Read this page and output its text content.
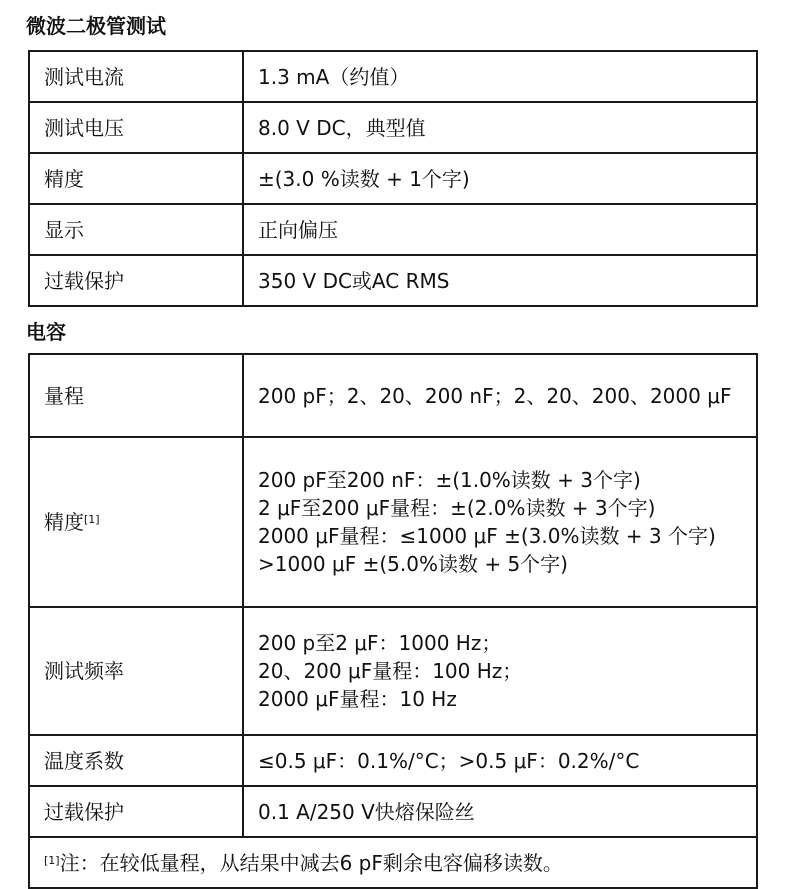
微波二极管测试
测试电流	1.3 mA（约值）
测试电压	8.0 V DC，典型值
精度	±(3.0 %读数 + 1个字)
显示	正向偏压
过载保护	350 V DC或AC RMS
电容
量程	200 pF；2、20、200 nF；2、20、200、2000 μF
精度[1]	200 pF至200 nF：±(1.0%读数 + 3个字)
2 μF至200 μF量程：±(2.0%读数 + 3个字)
2000 μF量程：≤1000 μF ±(3.0%读数 + 3 个字)
>1000 μF ±(5.0%读数 + 5个字)

测试频率	200 p至2 μF：1000 Hz；
20、200 μF量程：100 Hz；
2000 μF量程：10 Hz

温度系数	≤0.5 μF：0.1%/°C；>0.5 μF：0.2%/°C
过载保护	0.1 A/250 V快熔保险丝
[1]注：在较低量程，从结果中减去6 pF剩余电容偏移读数。	
